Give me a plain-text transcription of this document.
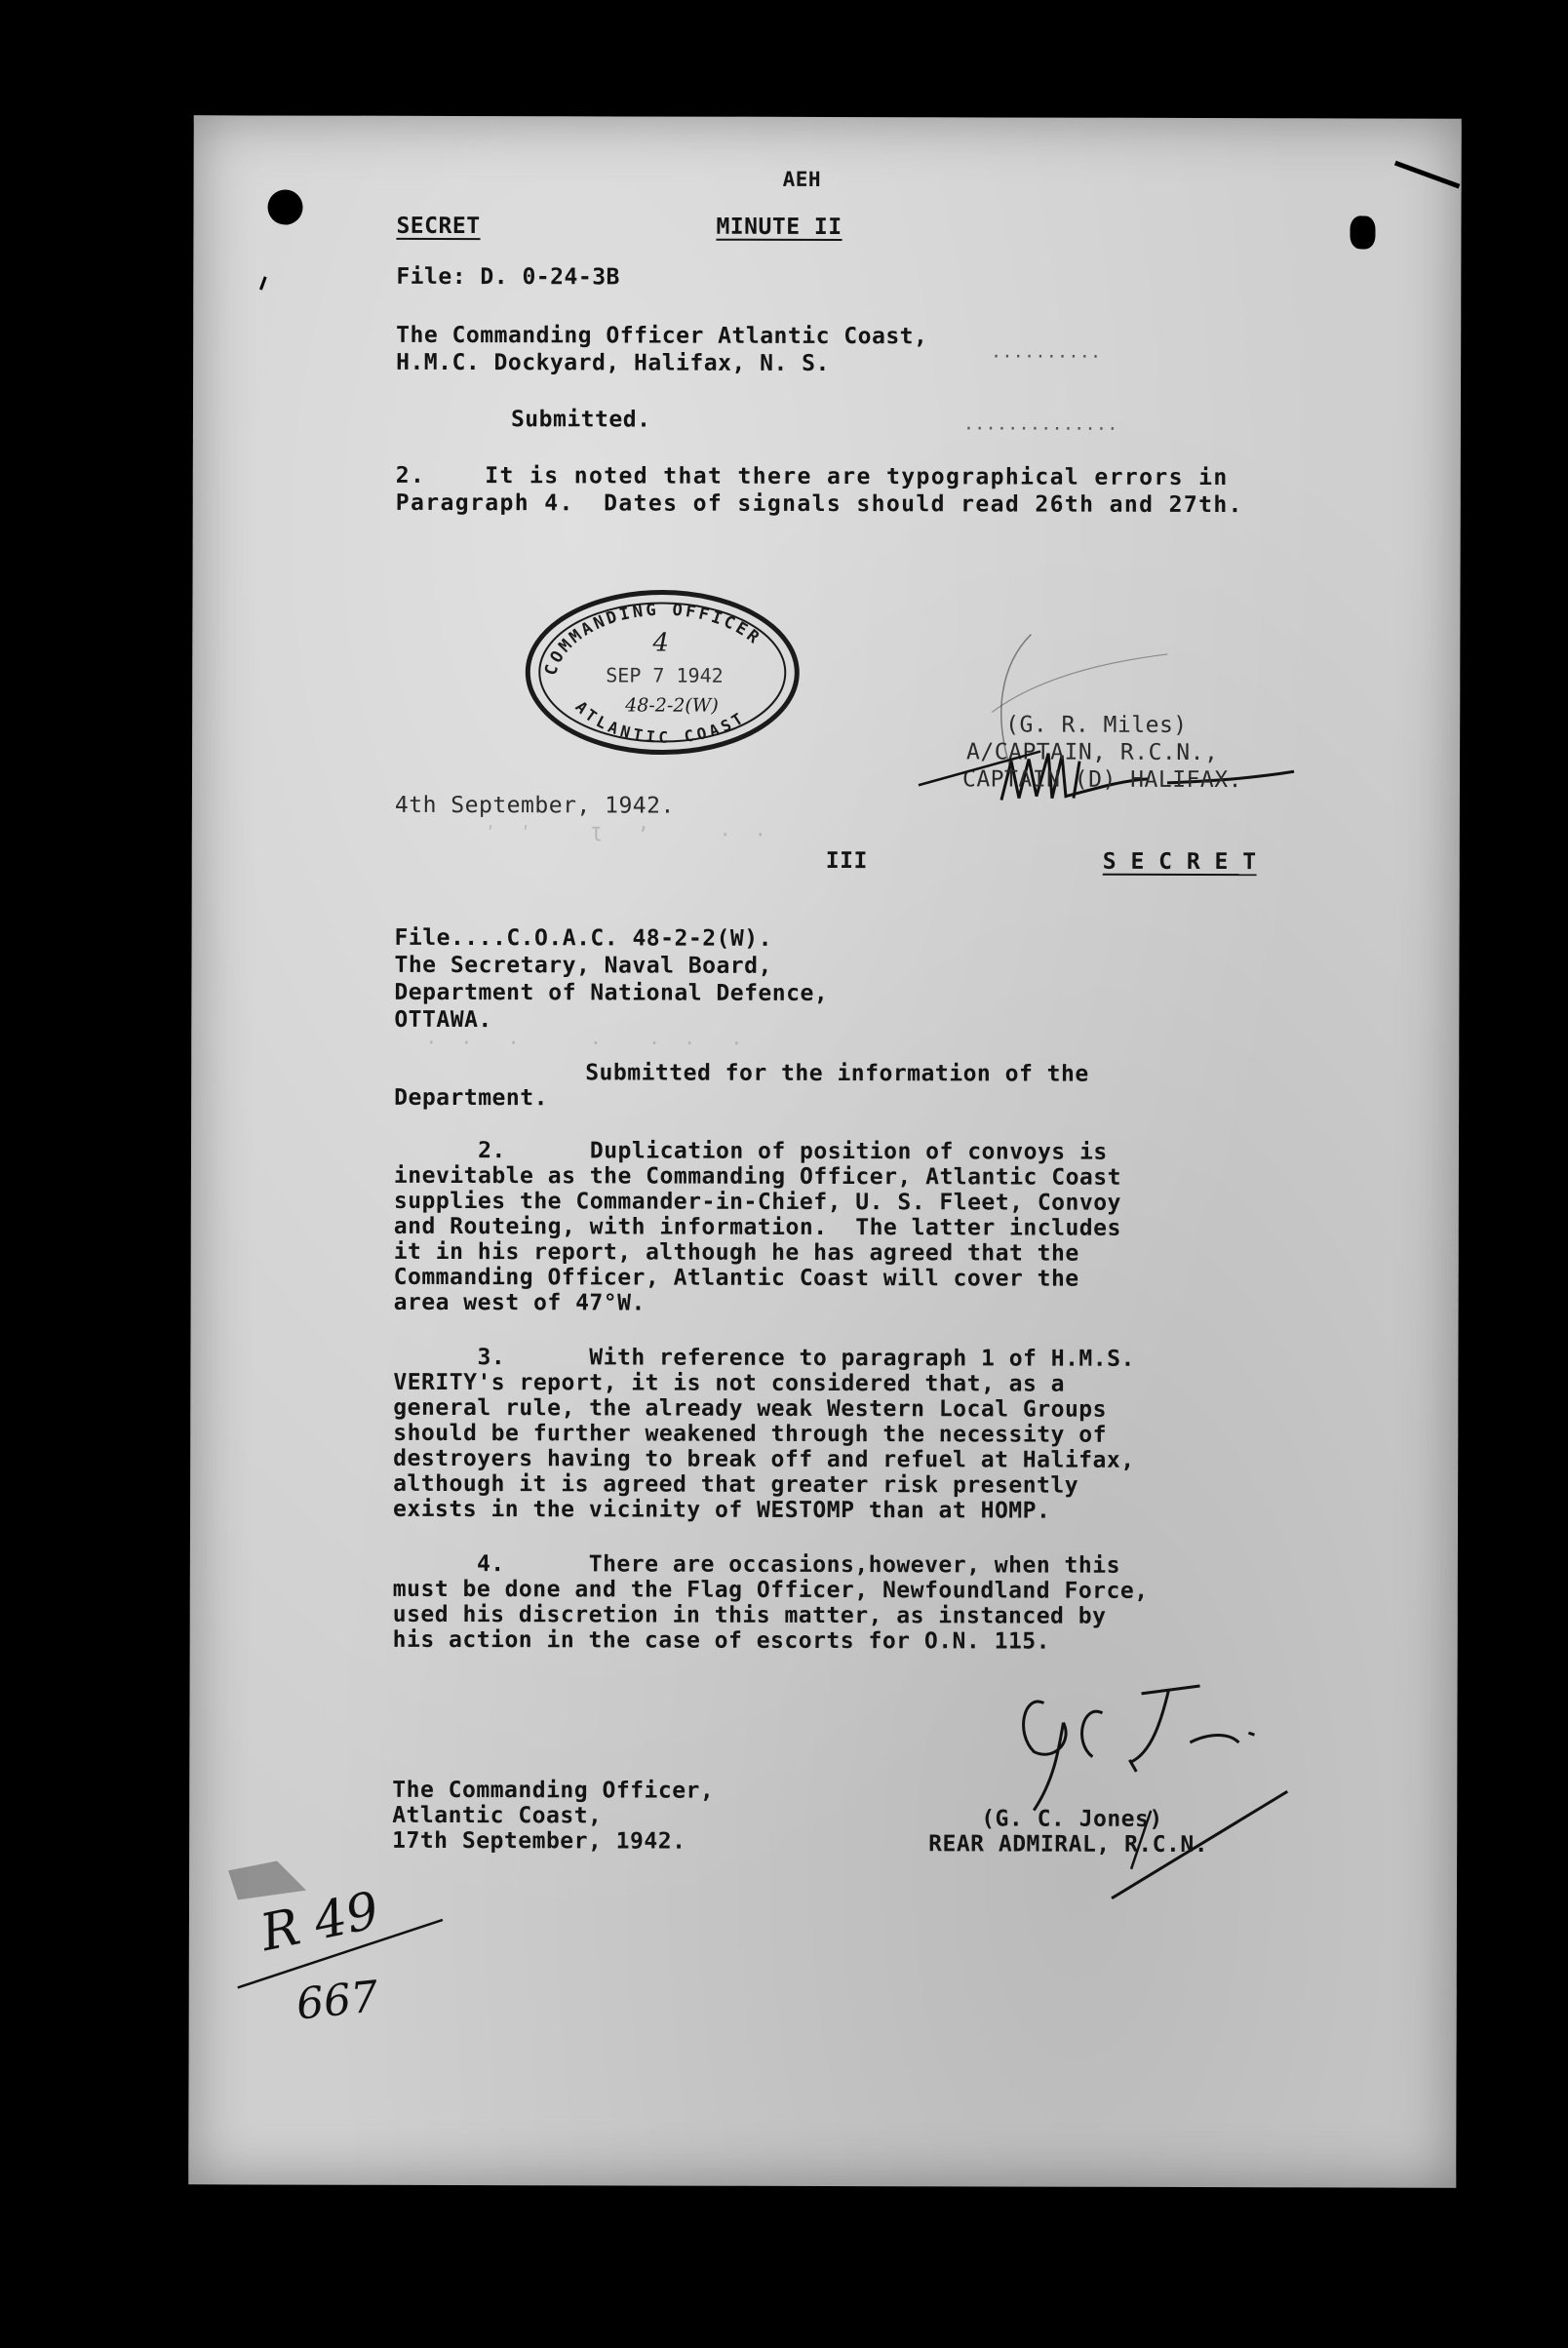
AEH
SECRET	MINUTE II
File: D. 0-24-3B
The Commanding Officer Atlantic Coast,
H.M.C. Dockyard, Halifax, N. S.	..........
Submitted.	..............
2.    It is noted that there are typographical errors in
Paragraph 4.  Dates of signals should read 26th and 27th.
COMMANDING OFFICER
ATLANTIC COAST
4
SEP 7 1942
48-2-2(W)
(G. R. Miles)
A/CAPTAIN, R.C.N.,
CAPTAIN (D) HALIFAX.
4th September, 1942.
ʹ  ʹ     Ɩ   ʼ      ·  ·
·  ·   ·      ·    ·  ·   ·
III	S E C R E T
File....C.O.A.C. 48-2-2(W).
The Secretary, Naval Board,
Department of National Defence,
OTTAWA.
Submitted for the information of the
Department.
2.      Duplication of position of convoys is
inevitable as the Commanding Officer, Atlantic Coast
supplies the Commander-in-Chief, U. S. Fleet, Convoy
and Routeing, with information.  The latter includes
it in his report, although he has agreed that the
Commanding Officer, Atlantic Coast will cover the
area west of 47°W.
3.      With reference to paragraph 1 of H.M.S.
VERITY's report, it is not considered that, as a
general rule, the already weak Western Local Groups
should be further weakened through the necessity of
destroyers having to break off and refuel at Halifax,
although it is agreed that greater risk presently
exists in the vicinity of WESTOMP than at HOMP.
4.      There are occasions,however, when this
must be done and the Flag Officer, Newfoundland Force,
used his discretion in this matter, as instanced by
his action in the case of escorts for O.N. 115.
The Commanding Officer,
Atlantic Coast,
17th September, 1942.
(G. C. Jones)
REAR ADMIRAL, R.C.N.
R 49
667
